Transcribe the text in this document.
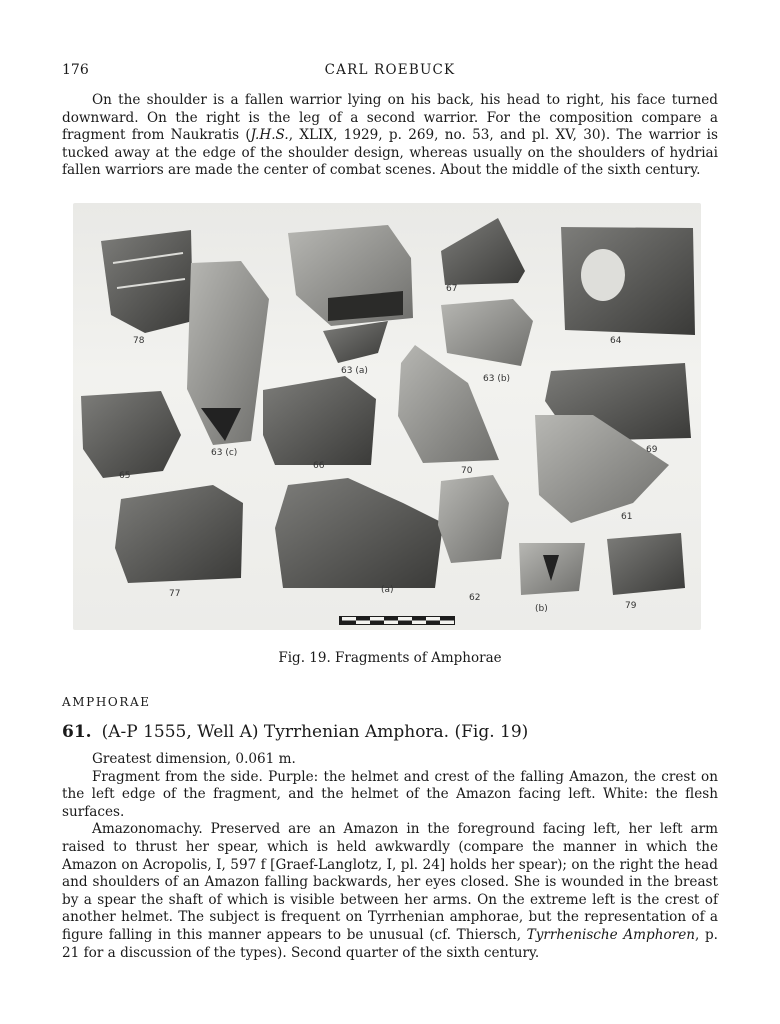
176	CARL ROEBUCK

On the shoulder is a fallen warrior lying on his back, his head to right, his face turned downward. On the right is the leg of a second warrior. For the composition compare a fragment from Naukratis (J.H.S., XLIX, 1929, p. 269, no. 53, and pl. XV, 30). The warrior is tucked away at the edge of the shoulder design, whereas usually on the shoulders of hydriai fallen warriors are made the center of combat scenes. About the middle of the sixth century.

78
63 (a)
67
64
63 (b)
65
63 (c)
66	70
69
61
77	(a)
62
(b)	79
Fig. 19. Fragments of Amphorae
AMPHORAE
61. (A-P 1555, Well A) Tyrrhenian Amphora. (Fig. 19)

Greatest dimension, 0.061 m.

Fragment from the side. Purple: the helmet and crest of the falling Amazon, the crest on the left edge of the fragment, and the helmet of the Amazon facing left. White: the flesh surfaces.

Amazonomachy. Preserved are an Amazon in the foreground facing left, her left arm raised to thrust her spear, which is held awkwardly (compare the manner in which the Amazon on Acropolis, I, 597 f [Graef-Langlotz, I, pl. 24] holds her spear); on the right the head and shoulders of an Amazon falling backwards, her eyes closed. She is wounded in the breast by a spear the shaft of which is visible between her arms. On the extreme left is the crest of another helmet. The subject is frequent on Tyrrhenian amphorae, but the representation of a figure falling in this manner appears to be unusual (cf. Thiersch, Tyrrhenische Amphoren, p. 21 for a discussion of the types). Second quarter of the sixth century.
